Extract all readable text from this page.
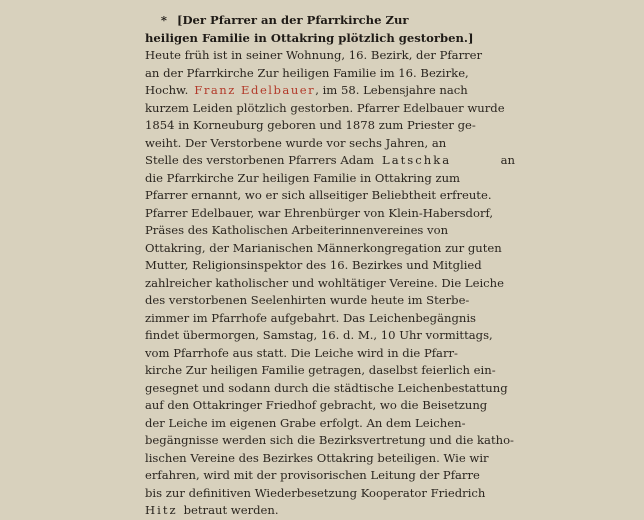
* [Der Pfarrer an der Pfarrkirche Zur
heiligen Familie in Ottakring plötzlich gestorben.]
Heute früh ist in seiner Wohnung, 16. Bezirk, der Pfarrer
an der Pfarrkirche Zur heiligen Familie im 16. Bezirke,
Hochw. Franz Edelbauer , im 58. Lebensjahre nach
kurzem Leiden plötzlich gestorben. Pfarrer Edelbauer wurde
1854 in Korneuburg geboren und 1878 zum Priester ge-
weiht. Der Verstorbene wurde vor sechs Jahren, an
Stelle des verstorbenen Pfarrers Adam Latschka	an
die Pfarrkirche Zur heiligen Familie in Ottakring zum
Pfarrer ernannt, wo er sich allseitiger Beliebtheit erfreute.
Pfarrer Edelbauer, war Ehrenbürger von Klein-Habersdorf,
Präses des Katholischen Arbeiterinnenvereines von
Ottakring, der Marianischen Männerkongregation zur guten
Mutter, Religionsinspektor des 16. Bezirkes und Mitglied
zahlreicher katholischer und wohltätiger Vereine. Die Leiche
des verstorbenen Seelenhirten wurde heute im Sterbe-
zimmer im Pfarrhofe aufgebahrt. Das Leichenbegängnis
findet übermorgen, Samstag, 16. d. M., 10 Uhr vormittags,
vom Pfarrhofe aus statt. Die Leiche wird in die Pfarr-
kirche Zur heiligen Familie getragen, daselbst feierlich ein-
gesegnet und sodann durch die städtische Leichenbestattung
auf den Ottakringer Friedhof gebracht, wo die Beisetzung
der Leiche im eigenen Grabe erfolgt. An dem Leichen-
begängnisse werden sich die Bezirksvertretung und die katho-
lischen Vereine des Bezirkes Ottakring beteiligen. Wie wir
erfahren, wird mit der provisorischen Leitung der Pfarre
bis zur definitiven Wiederbesetzung Kooperator Friedrich
Hitz betraut werden.
